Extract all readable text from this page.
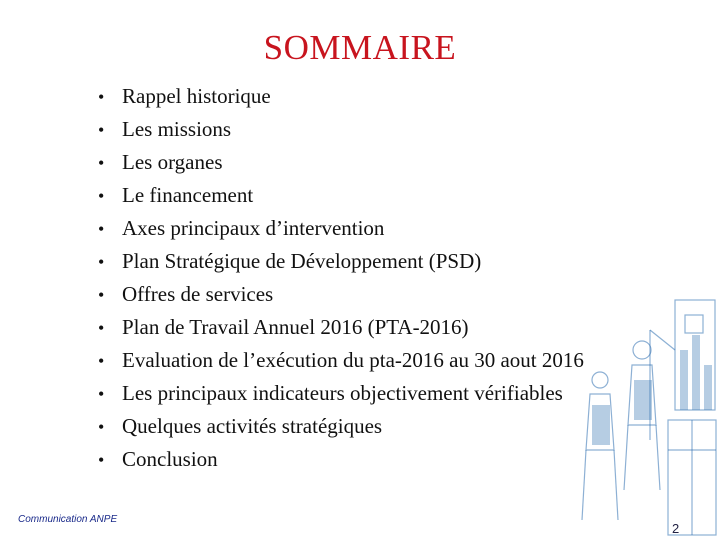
SOMMAIRE
• Rappel historique
• Les missions
• Les organes
• Le financement
• Axes principaux d’intervention
• Plan Stratégique de Développement (PSD)
• Offres de services
• Plan de Travail Annuel 2016 (PTA-2016)
• Evaluation de l’exécution du pta-2016 au 30 aout 2016
• Les principaux indicateurs objectivement vérifiables
• Quelques activités stratégiques
• Conclusion
Communication ANPE
2
